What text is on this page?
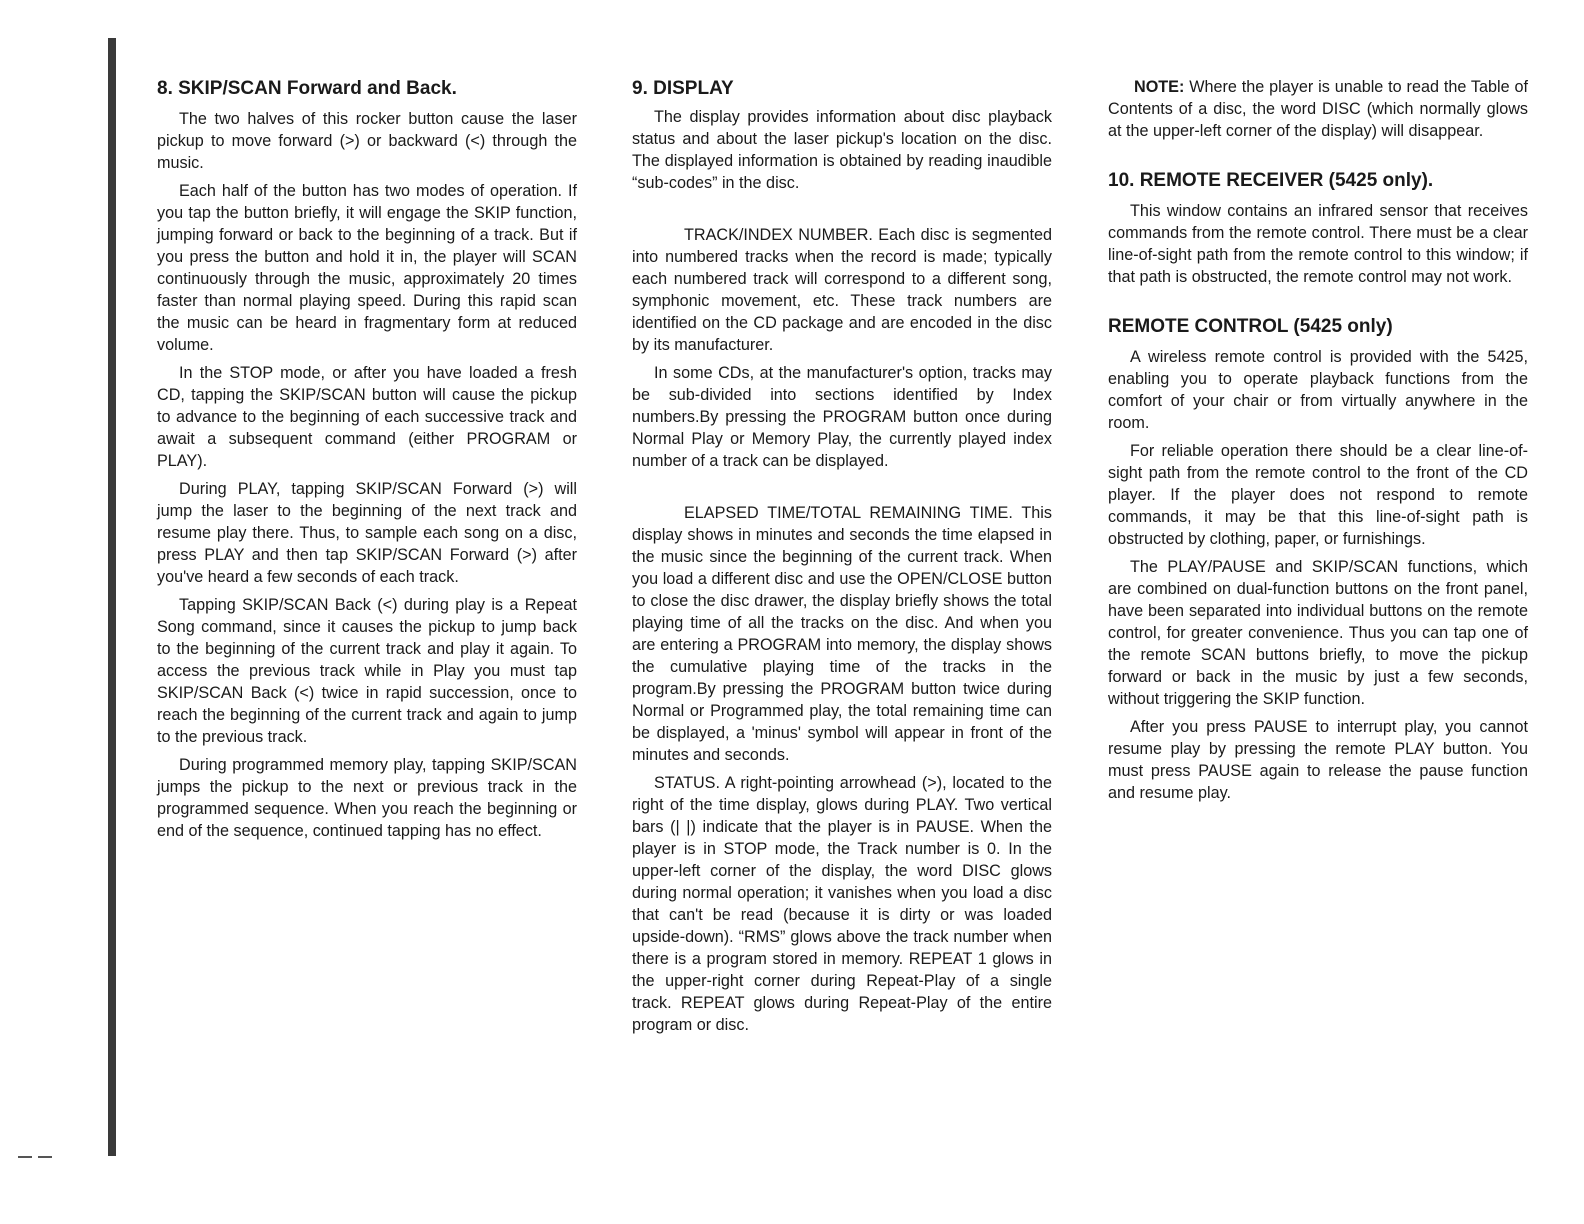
8. SKIP/SCAN Forward and Back.

The two halves of this rocker button cause the laser pickup to move forward (>) or backward (<) through the music.

Each half of the button has two modes of operation. If you tap the button briefly, it will engage the SKIP function, jumping forward or back to the beginning of a track. But if you press the button and hold it in, the player will SCAN continuously through the music, approximately 20 times faster than normal playing speed. During this rapid scan the music can be heard in fragmentary form at reduced volume.

In the STOP mode, or after you have loaded a fresh CD, tapping the SKIP/SCAN button will cause the pickup to advance to the beginning of each successive track and await a subsequent command (either PROGRAM or PLAY).

During PLAY, tapping SKIP/SCAN Forward (>) will jump the laser to the beginning of the next track and resume play there. Thus, to sample each song on a disc, press PLAY and then tap SKIP/SCAN Forward (>) after you've heard a few seconds of each track.

Tapping SKIP/SCAN Back (<) during play is a Repeat Song command, since it causes the pickup to jump back to the beginning of the current track and play it again. To access the previous track while in Play you must tap SKIP/SCAN Back (<) twice in rapid succession, once to reach the beginning of the current track and again to jump to the previous track.

During programmed memory play, tapping SKIP/SCAN jumps the pickup to the next or previous track in the programmed sequence. When you reach the beginning or end of the sequence, continued tapping has no effect.

9. DISPLAY

The display provides information about disc playback status and about the laser pickup's location on the disc. The displayed information is obtained by reading inaudible “sub-codes” in the disc.

TRACK/INDEX NUMBER. Each disc is segmented into numbered tracks when the record is made; typically each numbered track will correspond to a different song, symphonic movement, etc. These track numbers are identified on the CD package and are encoded in the disc by its manufacturer.

In some CDs, at the manufacturer's option, tracks may be sub-divided into sections identified by Index numbers.By pressing the PROGRAM button once during Normal Play or Memory Play, the currently played index number of a track can be displayed.

ELAPSED TIME/TOTAL REMAINING TIME. This display shows in minutes and seconds the time elapsed in the music since the beginning of the current track. When you load a different disc and use the OPEN/CLOSE button to close the disc drawer, the display briefly shows the total playing time of all the tracks on the disc. And when you are entering a PROGRAM into memory, the display shows the cumulative playing time of the tracks in the program.By pressing the PROGRAM button twice during Normal or Programmed play, the total remaining time can be displayed, a 'minus' symbol will appear in front of the minutes and seconds.

STATUS. A right-pointing arrowhead (>), located to the right of the time display, glows during PLAY. Two vertical bars (| |) indicate that the player is in PAUSE. When the player is in STOP mode, the Track number is 0. In the upper-left corner of the display, the word DISC glows during normal operation; it vanishes when you load a disc that can't be read (because it is dirty or was loaded upside-down). “RMS” glows above the track number when there is a program stored in memory. REPEAT 1 glows in the upper-right corner during Repeat-Play of a single track. REPEAT glows during Repeat-Play of the entire program or disc.

NOTE: Where the player is unable to read the Table of Contents of a disc, the word DISC (which normally glows at the upper-left corner of the display) will disappear.

10. REMOTE RECEIVER (5425 only).

This window contains an infrared sensor that receives commands from the remote control. There must be a clear line-of-sight path from the remote control to this window; if that path is obstructed, the remote control may not work.

REMOTE CONTROL (5425 only)

A wireless remote control is provided with the 5425, enabling you to operate playback functions from the comfort of your chair or from virtually anywhere in the room.

For reliable operation there should be a clear line-of-sight path from the remote control to the front of the CD player. If the player does not respond to remote commands, it may be that this line-of-sight path is obstructed by clothing, paper, or furnishings.

The PLAY/PAUSE and SKIP/SCAN functions, which are combined on dual-function buttons on the front panel, have been separated into individual buttons on the remote control, for greater convenience. Thus you can tap one of the remote SCAN buttons briefly, to move the pickup forward or back in the music by just a few seconds, without triggering the SKIP function.

After you press PAUSE to interrupt play, you cannot resume play by pressing the remote PLAY button. You must press PAUSE again to release the pause function and resume play.
